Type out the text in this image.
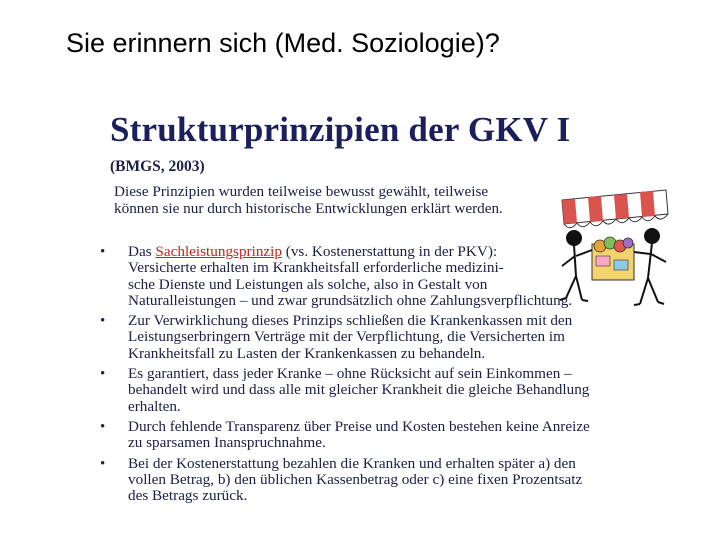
Sie erinnern sich (Med. Soziologie)?
Strukturprinzipien der GKV I
(BMGS, 2003)
Diese Prinzipien wurden teilweise bewusst gewählt, teilweise
können sie nur durch historische Entwicklungen erklärt werden.
• Das Sachleistungsprinzip (vs. Kostenerstattung in der PKV):
Versicherte erhalten im Krankheitsfall erforderliche medizini-
sche Dienste und Leistungen als solche, also in Gestalt von
Naturalleistungen – und zwar grundsätzlich ohne Zahlungsverpflichtung.
• Zur Verwirklichung dieses Prinzips schließen die Krankenkassen mit den
Leistungserbringern Verträge mit der Verpflichtung, die Versicherten im
Krankheitsfall zu Lasten der Krankenkassen zu behandeln.
• Es garantiert, dass jeder Kranke – ohne Rücksicht auf sein Einkommen –
behandelt wird und dass alle mit gleicher Krankheit die gleiche Behandlung
erhalten.
• Durch fehlende Transparenz über Preise und Kosten bestehen keine Anreize
zu sparsamen Inanspruchnahme.
• Bei der Kostenerstattung bezahlen die Kranken und erhalten später a) den
vollen Betrag, b) den üblichen Kassenbetrag oder c) eine fixen Prozentsatz
des Betrags zurück.
